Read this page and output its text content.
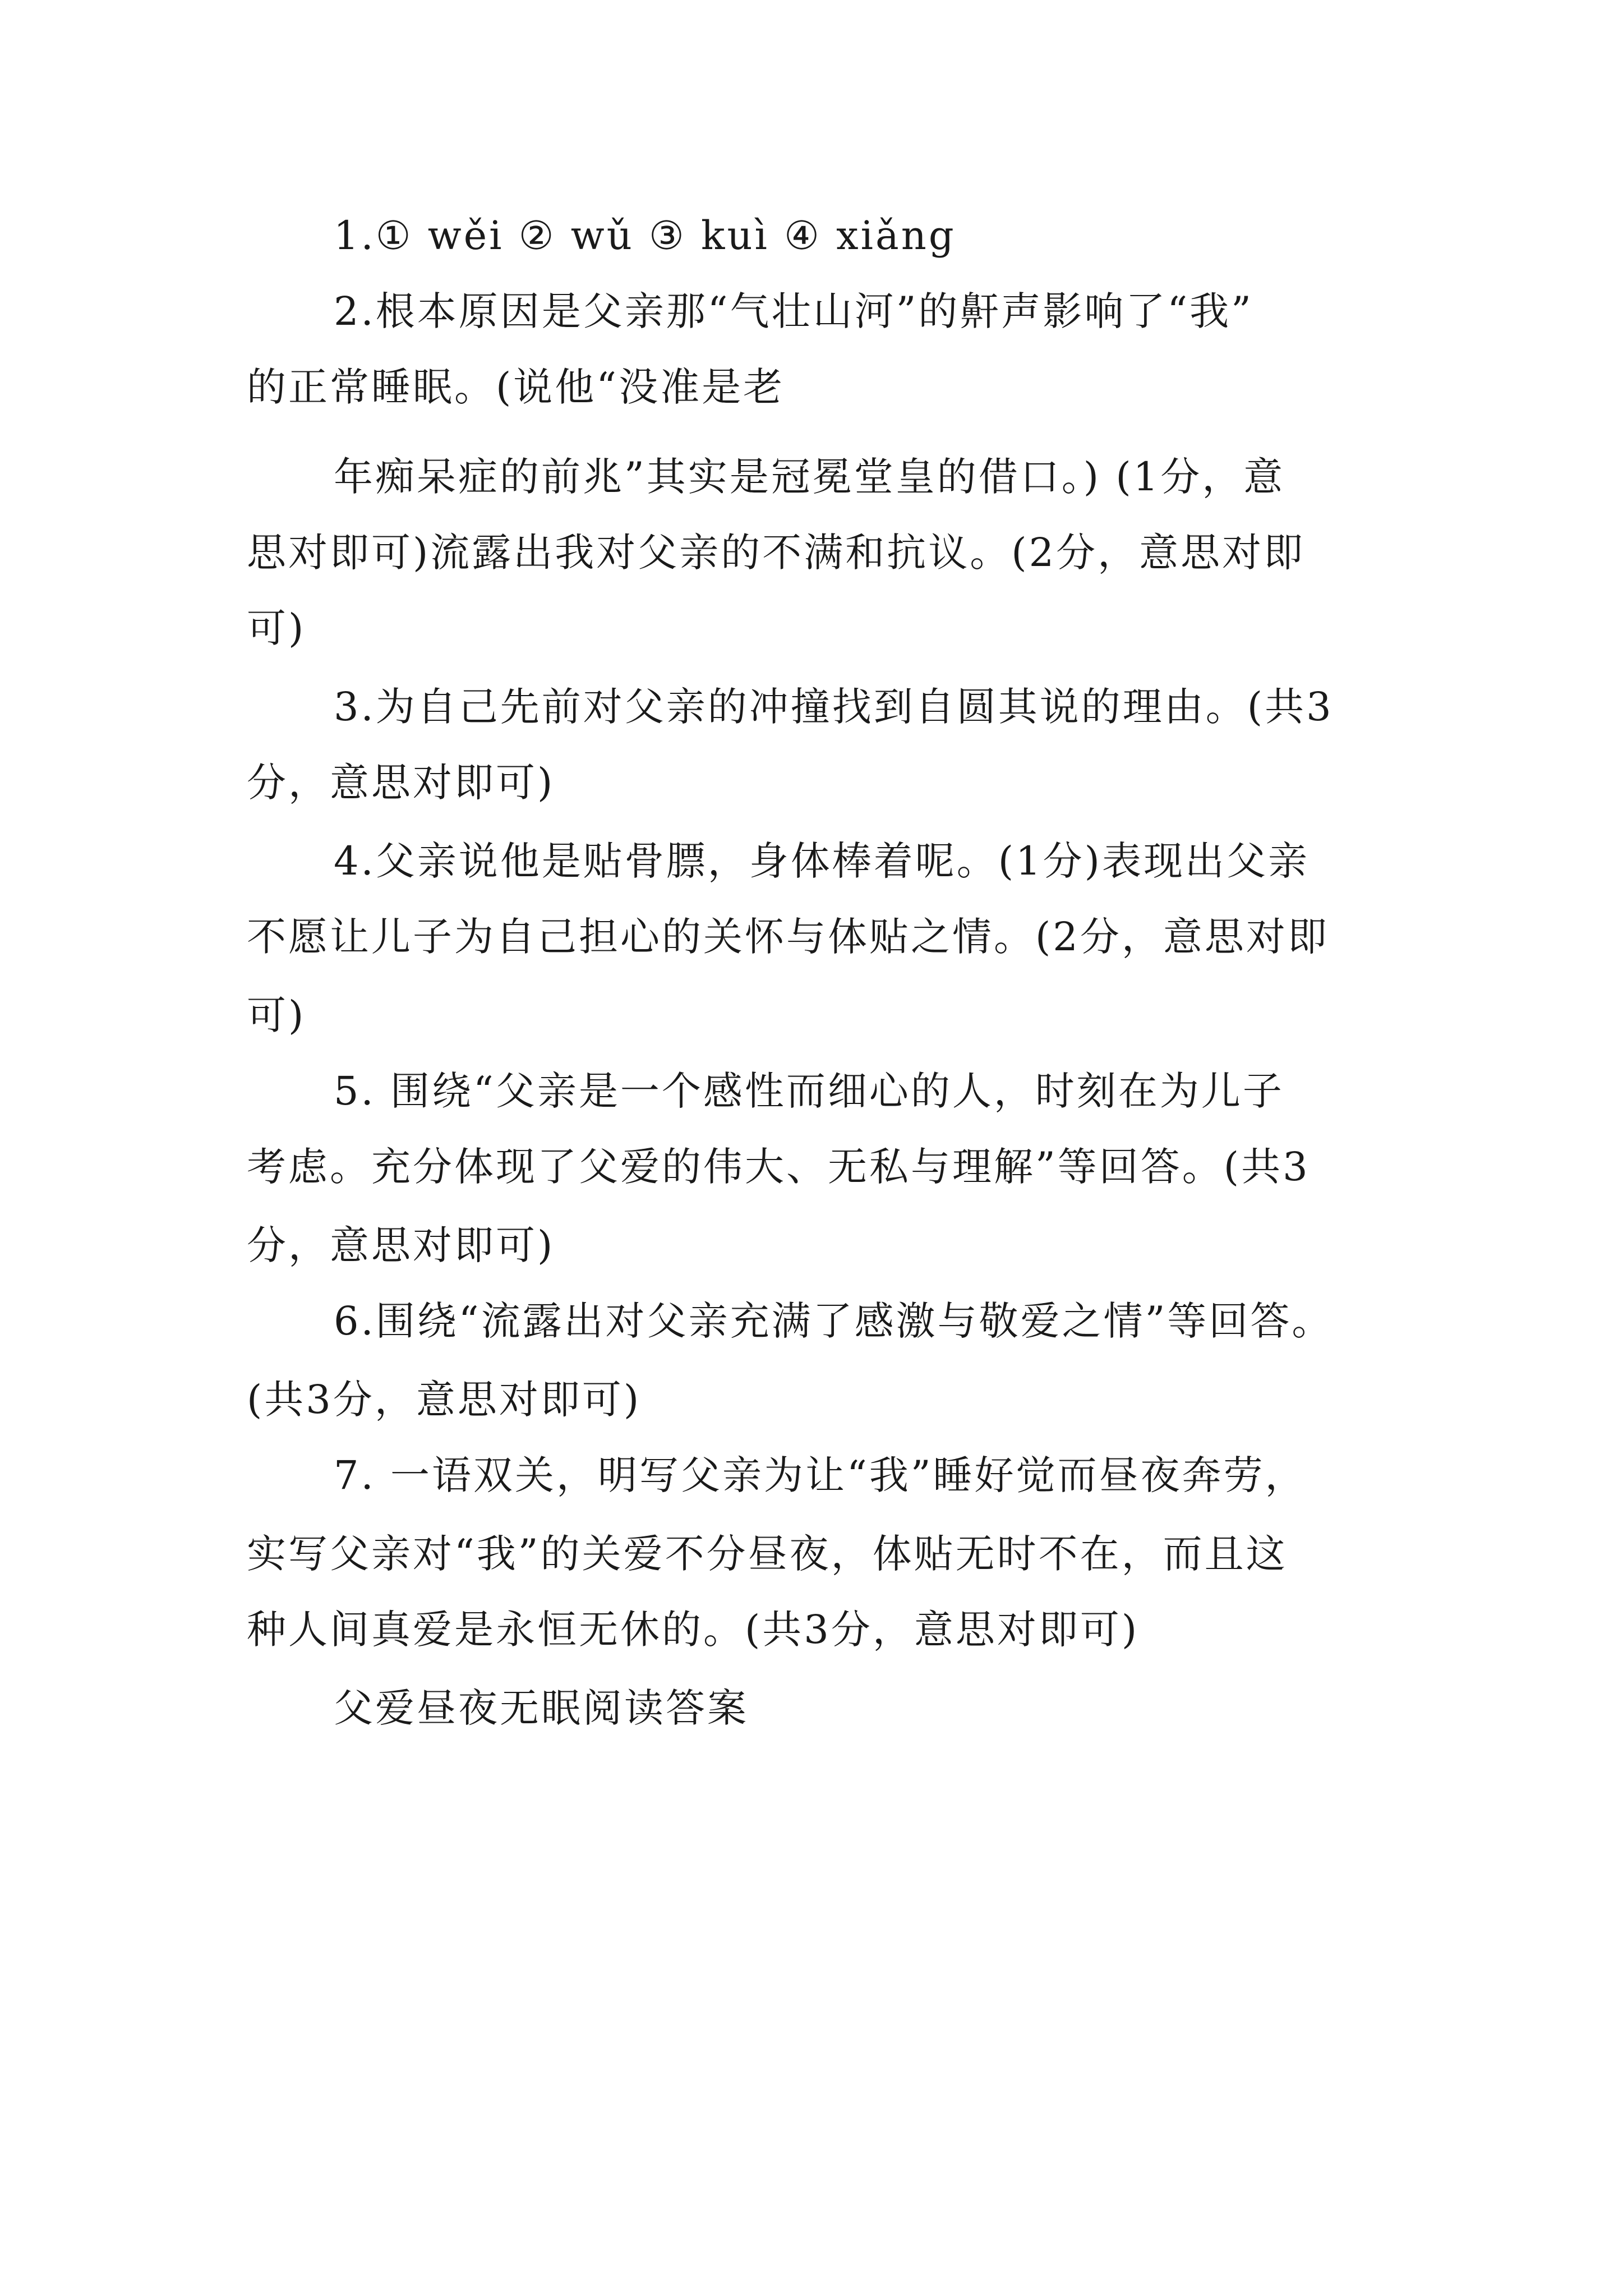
1.① wěi ② wǔ ③ kuì ④ xiǎng
2.根本原因是父亲那“气壮山河”的鼾声影响了“我”
的正常睡眠。(说他“没准是老
年痴呆症的前兆”其实是冠冕堂皇的借口。) (1分，意
思对即可)流露出我对父亲的不满和抗议。(2分，意思对即
可)
3.为自己先前对父亲的冲撞找到自圆其说的理由。(共3
分，意思对即可)
4.父亲说他是贴骨膘，身体棒着呢。(1分)表现出父亲
不愿让儿子为自己担心的关怀与体贴之情。(2分，意思对即
可)
5. 围绕“父亲是一个感性而细心的人，时刻在为儿子
考虑。充分体现了父爱的伟大、无私与理解”等回答。(共3
分，意思对即可)
6.围绕“流露出对父亲充满了感激与敬爱之情”等回答。
(共3分，意思对即可)
7. 一语双关，明写父亲为让“我”睡好觉而昼夜奔劳，
实写父亲对“我”的关爱不分昼夜，体贴无时不在，而且这
种人间真爱是永恒无休的。(共3分，意思对即可)
父爱昼夜无眠阅读答案
